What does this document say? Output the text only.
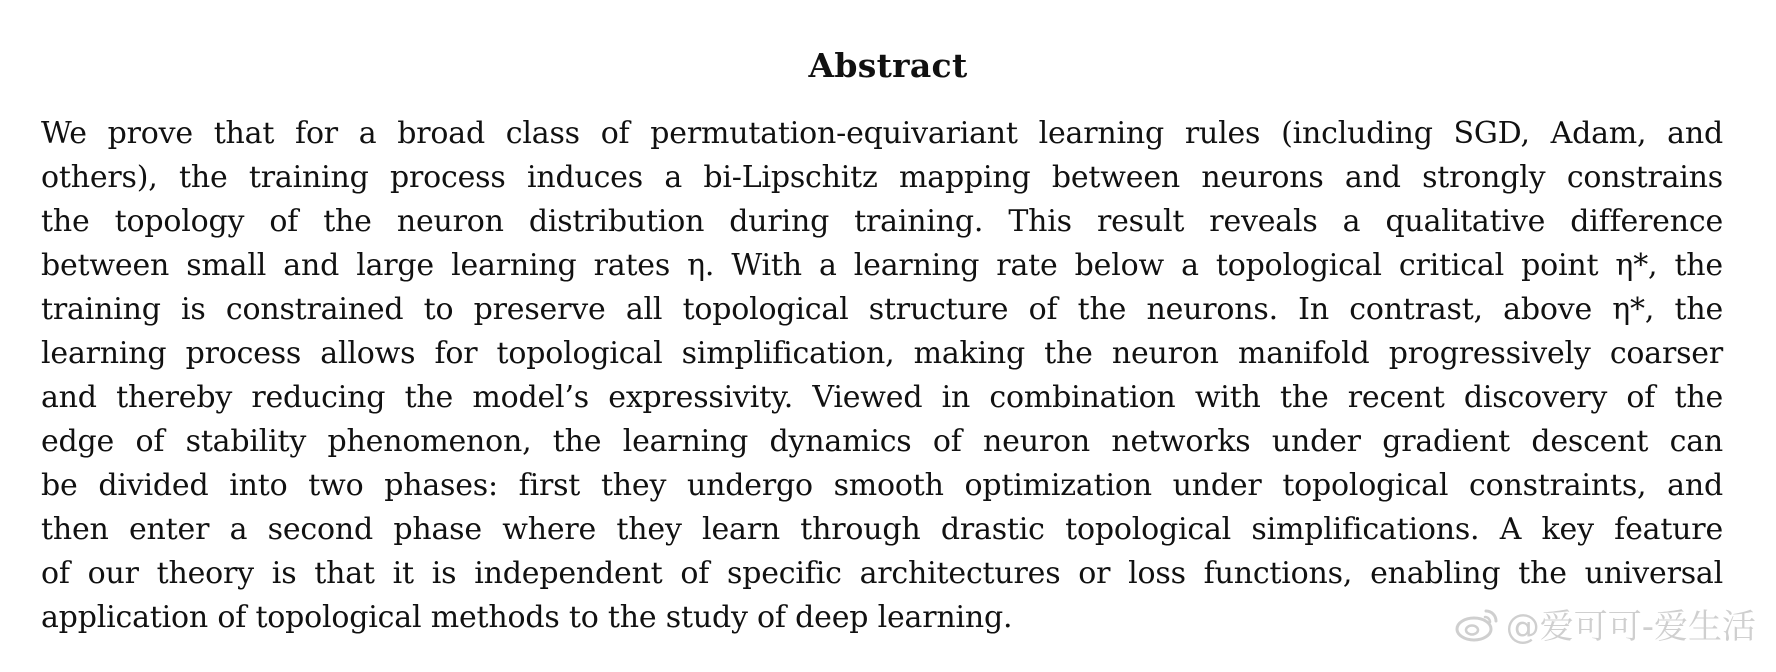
Abstract
We prove that for a broad class of permutation-equivariant learning rules (including SGD, Adam, and
others), the training process induces a bi-Lipschitz mapping between neurons and strongly constrains
the topology of the neuron distribution during training. This result reveals a qualitative difference
between small and large learning rates η. With a learning rate below a topological critical point η*, the
training is constrained to preserve all topological structure of the neurons. In contrast, above η*, the
learning process allows for topological simplification, making the neuron manifold progressively coarser
and thereby reducing the model’s expressivity. Viewed in combination with the recent discovery of the
edge of stability phenomenon, the learning dynamics of neuron networks under gradient descent can
be divided into two phases: first they undergo smooth optimization under topological constraints, and
then enter a second phase where they learn through drastic topological simplifications. A key feature
of our theory is that it is independent of specific architectures or loss functions, enabling the universal
application of topological methods to the study of deep learning.	@爱可可-爱生活
